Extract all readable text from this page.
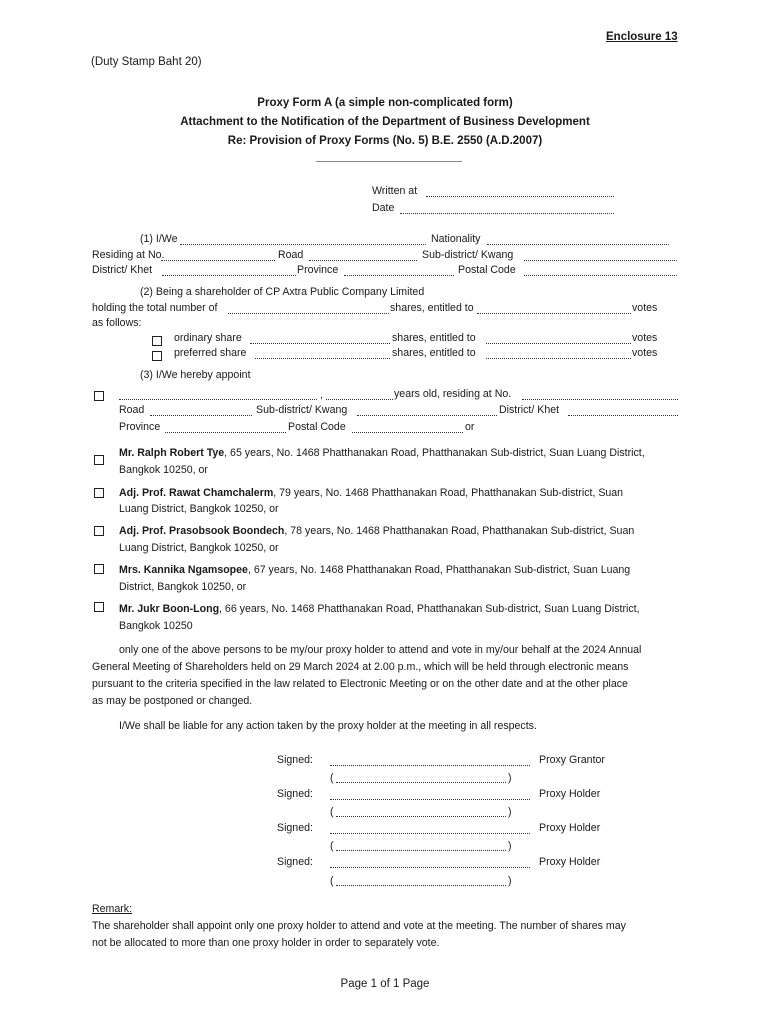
Enclosure 13
(Duty Stamp Baht 20)
Proxy Form A (a simple non-complicated form)
Attachment to the Notification of the Department of Business Development
Re: Provision of Proxy Forms (No. 5) B.E. 2550 (A.D.2007)
Written at
Date
(1) I/We	Nationality
Residing at No.	Road	Sub-district/ Kwang
District/ Khet	Province	Postal Code
(2) Being a shareholder of CP Axtra Public Company Limited
holding the total number of	shares, entitled to	votes
as follows:
ordinary share	shares, entitled to	votes
preferred share	shares, entitled to	votes
(3) I/We hereby appoint
,	years old, residing at No.
Road	Sub-district/ Kwang	District/ Khet
Province	Postal Code	or
Mr. Ralph Robert Tye, 65 years, No. 1468 Phatthanakan Road, Phatthanakan Sub-district, Suan Luang District,
Bangkok 10250, or
Adj. Prof. Rawat Chamchalerm, 79 years, No. 1468 Phatthanakan Road, Phatthanakan Sub-district, Suan
Luang District, Bangkok 10250, or
Adj. Prof. Prasobsook Boondech, 78 years, No. 1468 Phatthanakan Road, Phatthanakan Sub-district, Suan
Luang District, Bangkok 10250, or
Mrs. Kannika Ngamsopee, 67 years, No. 1468 Phatthanakan Road, Phatthanakan Sub-district, Suan Luang
District, Bangkok 10250, or
Mr. Jukr Boon-Long, 66 years, No. 1468 Phatthanakan Road, Phatthanakan Sub-district, Suan Luang District,
Bangkok 10250
only one of the above persons to be my/our proxy holder to attend and vote in my/our behalf at the 2024 Annual
General Meeting of Shareholders held on 29 March 2024 at 2.00 p.m., which will be held through electronic means
pursuant to the criteria specified in the law related to Electronic Meeting or on the other date and at the other place
as may be postponed or changed.
I/We shall be liable for any action taken by the proxy holder at the meeting in all respects.
Signed:	Proxy Grantor
(	)
Signed:	Proxy Holder
(	)
Signed:	Proxy Holder
(	)
Signed:	Proxy Holder
(	)
Remark:
The shareholder shall appoint only one proxy holder to attend and vote at the meeting. The number of shares may
not be allocated to more than one proxy holder in order to separately vote.
Page 1 of 1 Page
